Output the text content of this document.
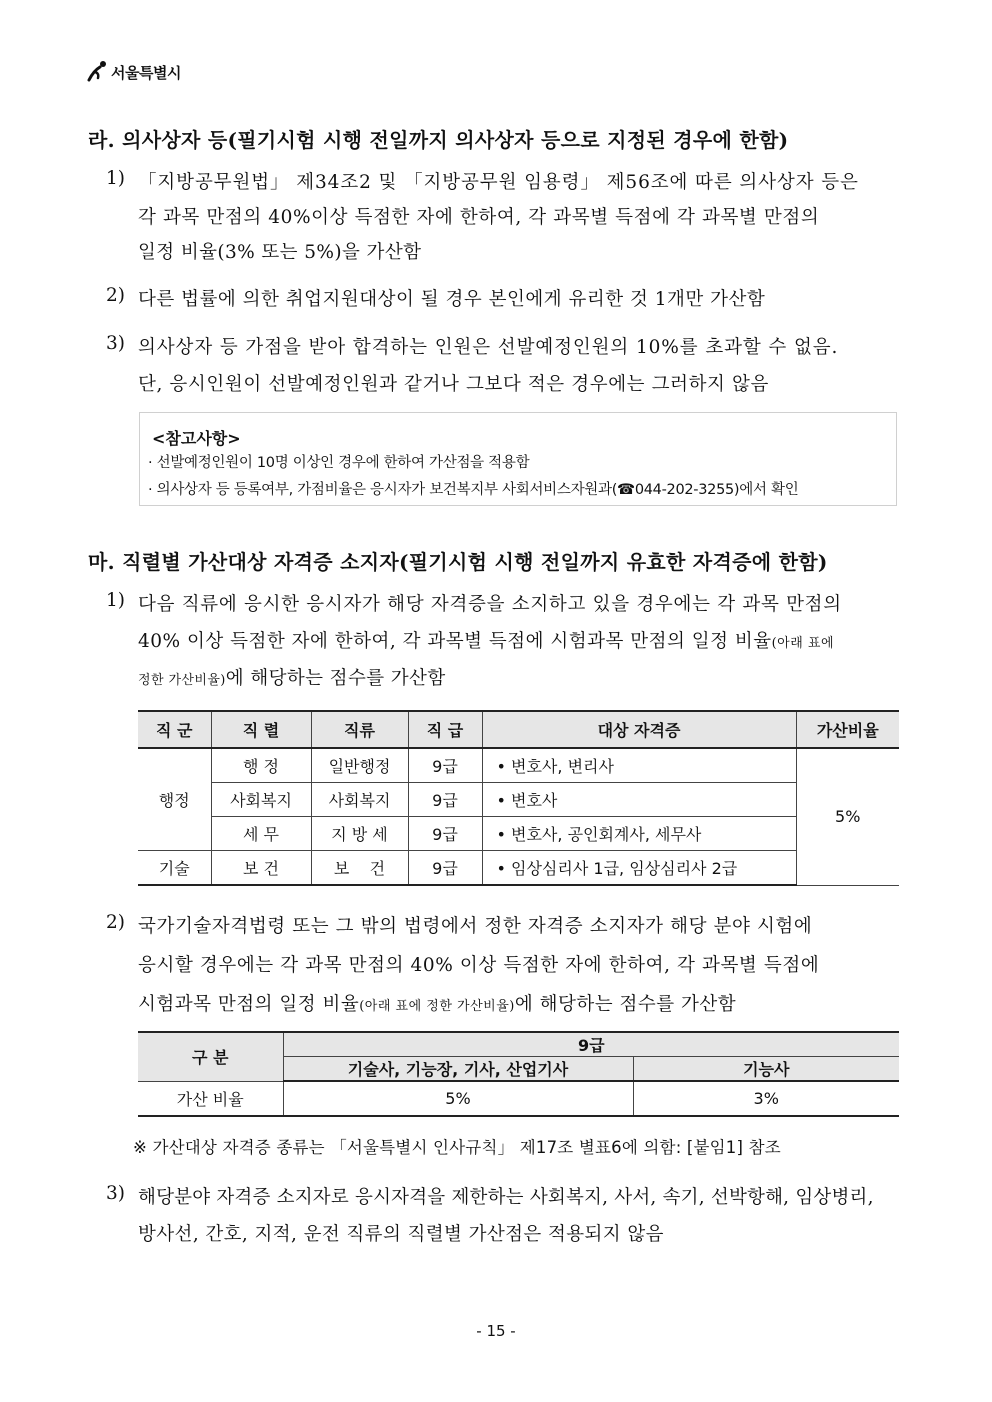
서울특별시
라. 의사상자 등(필기시험 시행 전일까지 의사상자 등으로 지정된 경우에 한함)
1) 「지방공무원법」 제34조2 및 「지방공무원 임용령」 제56조에 따른 의사상자 등은
각 과목 만점의 40%이상 득점한 자에 한하여, 각 과목별 득점에 각 과목별 만점의
일정 비율(3% 또는 5%)을 가산함
2) 다른 법률에 의한 취업지원대상이 될 경우 본인에게 유리한 것 1개만 가산함
3) 의사상자 등 가점을 받아 합격하는 인원은 선발예정인원의 10%를 초과할 수 없음.
단, 응시인원이 선발예정인원과 같거나 그보다 적은 경우에는 그러하지 않음
<참고사항>
· 선발예정인원이 10명 이상인 경우에 한하여 가산점을 적용함
· 의사상자 등 등록여부, 가점비율은 응시자가 보건복지부 사회서비스자원과(☎044-202-3255)에서 확인
마. 직렬별 가산대상 자격증 소지자(필기시험 시행 전일까지 유효한 자격증에 한함)
1) 다음 직류에 응시한 응시자가 해당 자격증을 소지하고 있을 경우에는 각 과목 만점의
40% 이상 득점한 자에 한하여, 각 과목별 득점에 시험과목 만점의 일정 비율(아래 표에
정한 가산비율)에 해당하는 점수를 가산함
직 군	직 렬	직류	직 급	대상 자격증	가산비율
행정	행 정	일반행정	9급	• 변호사, 변리사	5%
	사회복지	사회복지	9급	• 변호사	
	세 무	지 방 세	9급	• 변호사, 공인회계사, 세무사	
기술	보 건	보    건	9급	• 임상심리사 1급, 임상심리사 2급	
2) 국가기술자격법령 또는 그 밖의 법령에서 정한 자격증 소지자가 해당 분야 시험에
응시할 경우에는 각 과목 만점의 40% 이상 득점한 자에 한하여, 각 과목별 득점에
시험과목 만점의 일정 비율(아래 표에 정한 가산비율)에 해당하는 점수를 가산함
구 분	9급	
	기술사, 기능장, 기사, 산업기사	기능사
가산 비율	5%	3%
※ 가산대상 자격증 종류는 「서울특별시 인사규칙」 제17조 별표6에 의함: [붙임1] 참조
3) 해당분야 자격증 소지자로 응시자격을 제한하는 사회복지, 사서, 속기, 선박항해, 임상병리,
방사선, 간호, 지적, 운전 직류의 직렬별 가산점은 적용되지 않음
- 15 -
